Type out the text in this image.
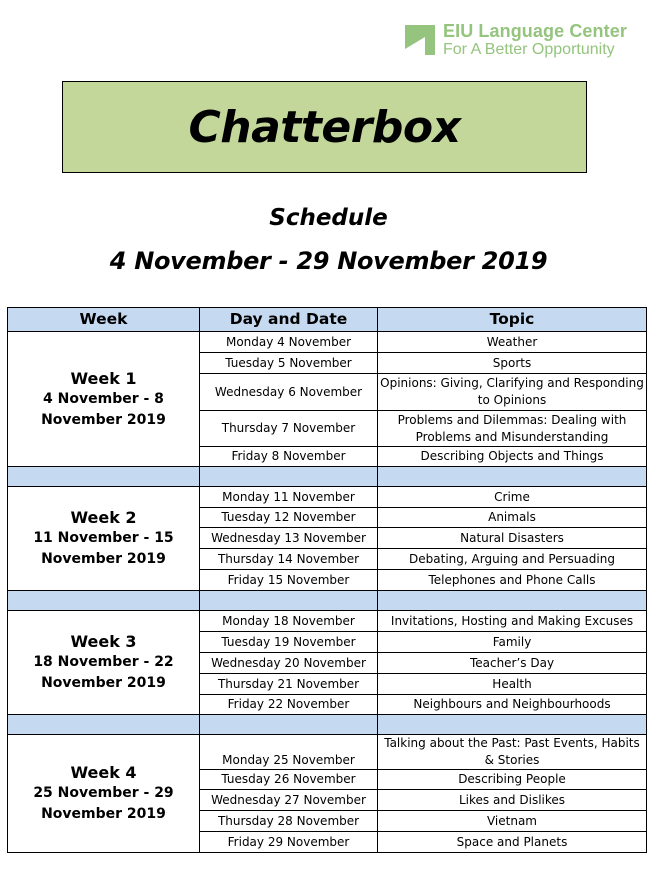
EIU Language Center
For A Better Opportunity
Chatterbox
Schedule
4 November - 29 November 2019
Week	Day and Date	Topic

Week 1
4 November - 8
November 2019	Monday 4 November	Weather
	Tuesday 5 November	Sports
	Wednesday 6 November	Opinions: Giving, Clarifying and Responding to Opinions
	Thursday 7 November	Problems and Dilemmas: Dealing with Problems and Misunderstanding
	Friday 8 November	Describing Objects and Things

Week 2
11 November - 15
November 2019	Monday 11 November	Crime
	Tuesday 12 November	Animals
	Wednesday 13 November	Natural Disasters
	Thursday 14 November	Debating, Arguing and Persuading
	Friday 15 November	Telephones and Phone Calls

Week 3
18 November - 22
November 2019	Monday 18 November	Invitations, Hosting and Making Excuses
	Tuesday 19 November	Family
	Wednesday 20 November	Teacher’s Day
	Thursday 21 November	Health
	Friday 22 November	Neighbours and Neighbourhoods

Week 4
25 November - 29
November 2019	Monday 25 November	Talking about the Past: Past Events, Habits & Stories
	Tuesday 26 November	Describing People
	Wednesday 27 November	Likes and Dislikes
	Thursday 28 November	Vietnam
	Friday 29 November	Space and Planets
